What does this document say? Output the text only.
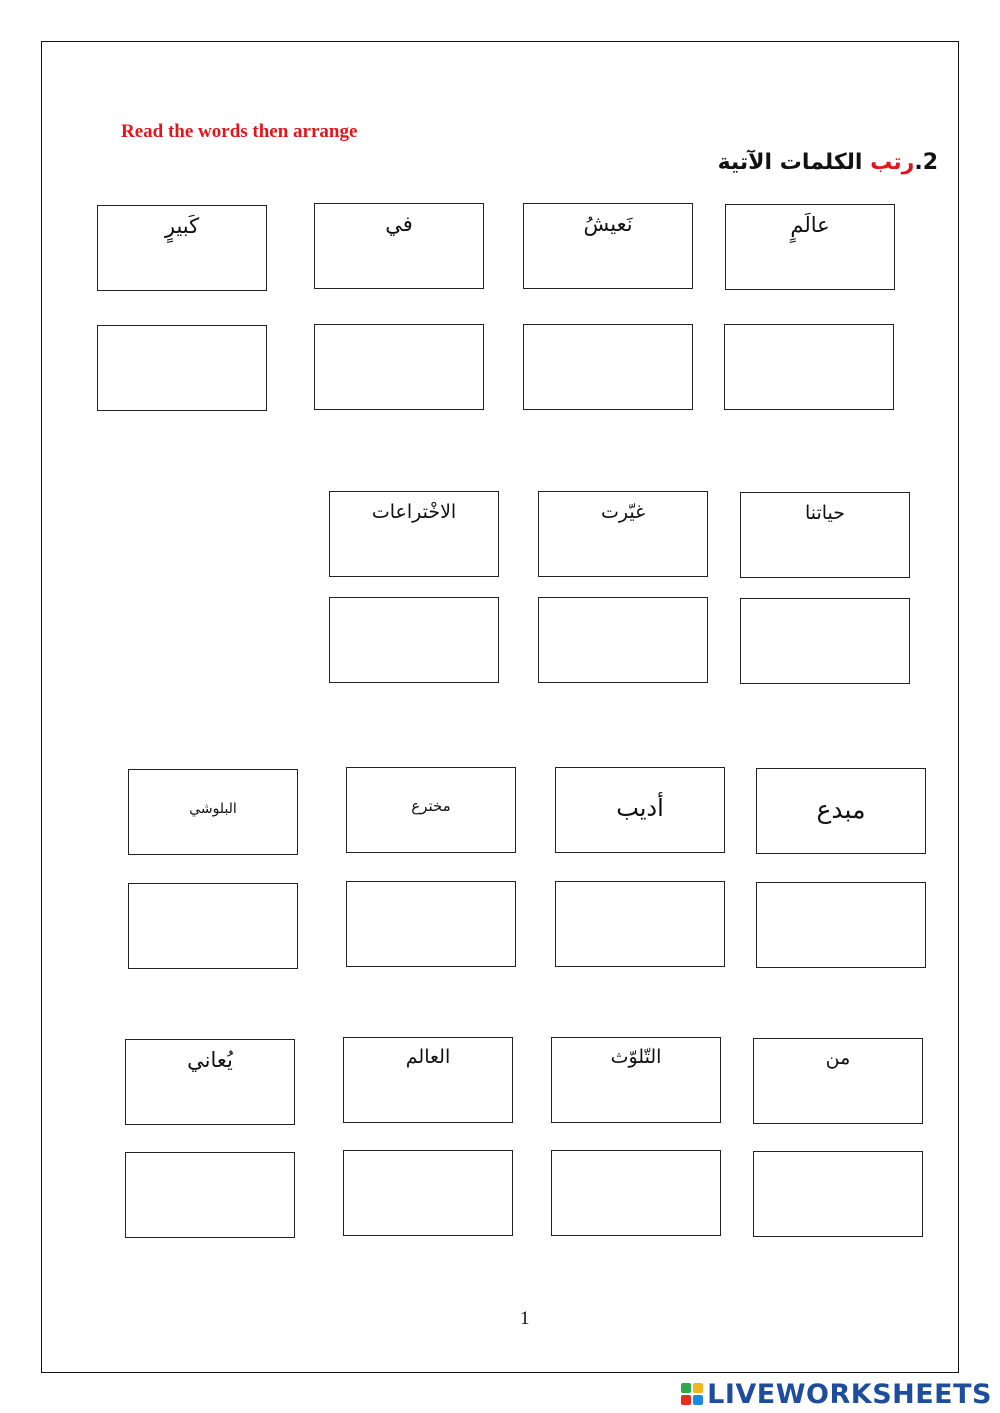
Read the words then arrange
2.رتب الكلمات الآتية
عالَمٍ
نَعيشُ
في
كَبيرٍ
حياتنا
غيّرت
الاخْتراعات
مبدع
أديب
مخترع
البلوشي
من
التّلوّث
العالم
يُعاني
1
LIVEWORKSHEETS
